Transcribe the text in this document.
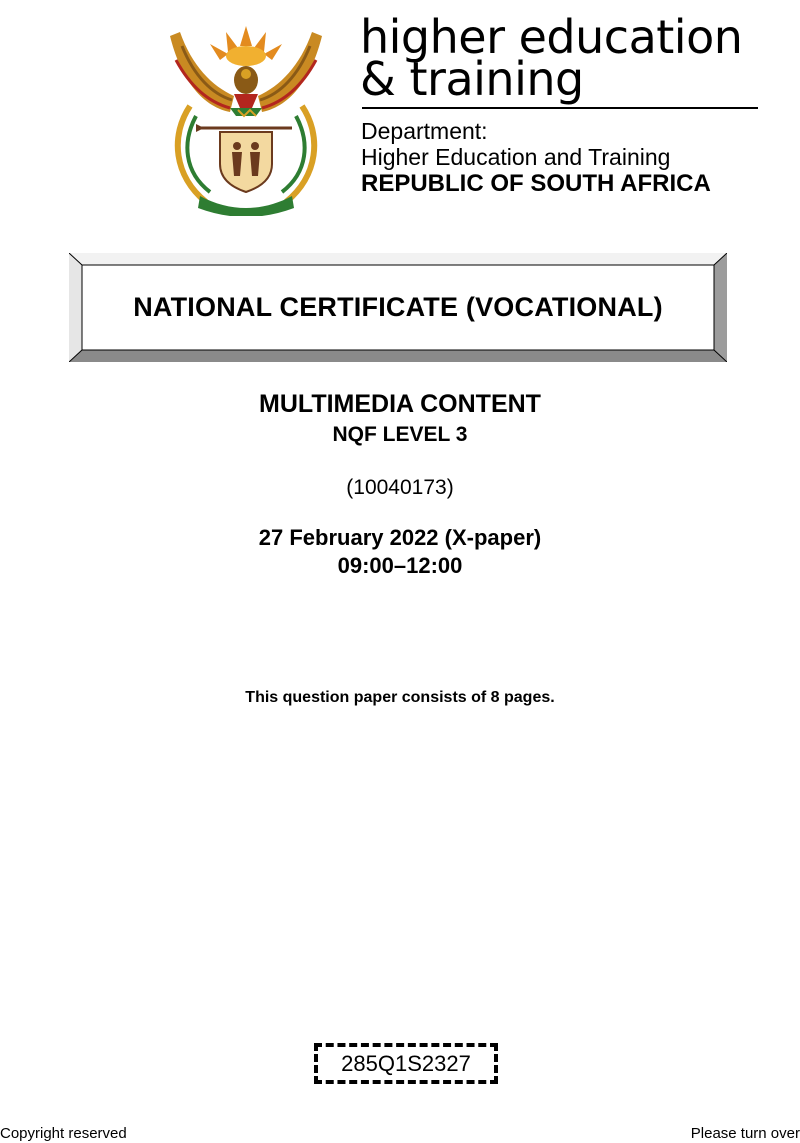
higher education
& training
Department:
Higher Education and Training
REPUBLIC OF SOUTH AFRICA
NATIONAL CERTIFICATE (VOCATIONAL)
MULTIMEDIA CONTENT
NQF LEVEL 3
(10040173)
27 February 2022 (X-paper)
09:00–12:00
This question paper consists of 8 pages.
285Q1S2327
Copyright reserved	Please turn over
